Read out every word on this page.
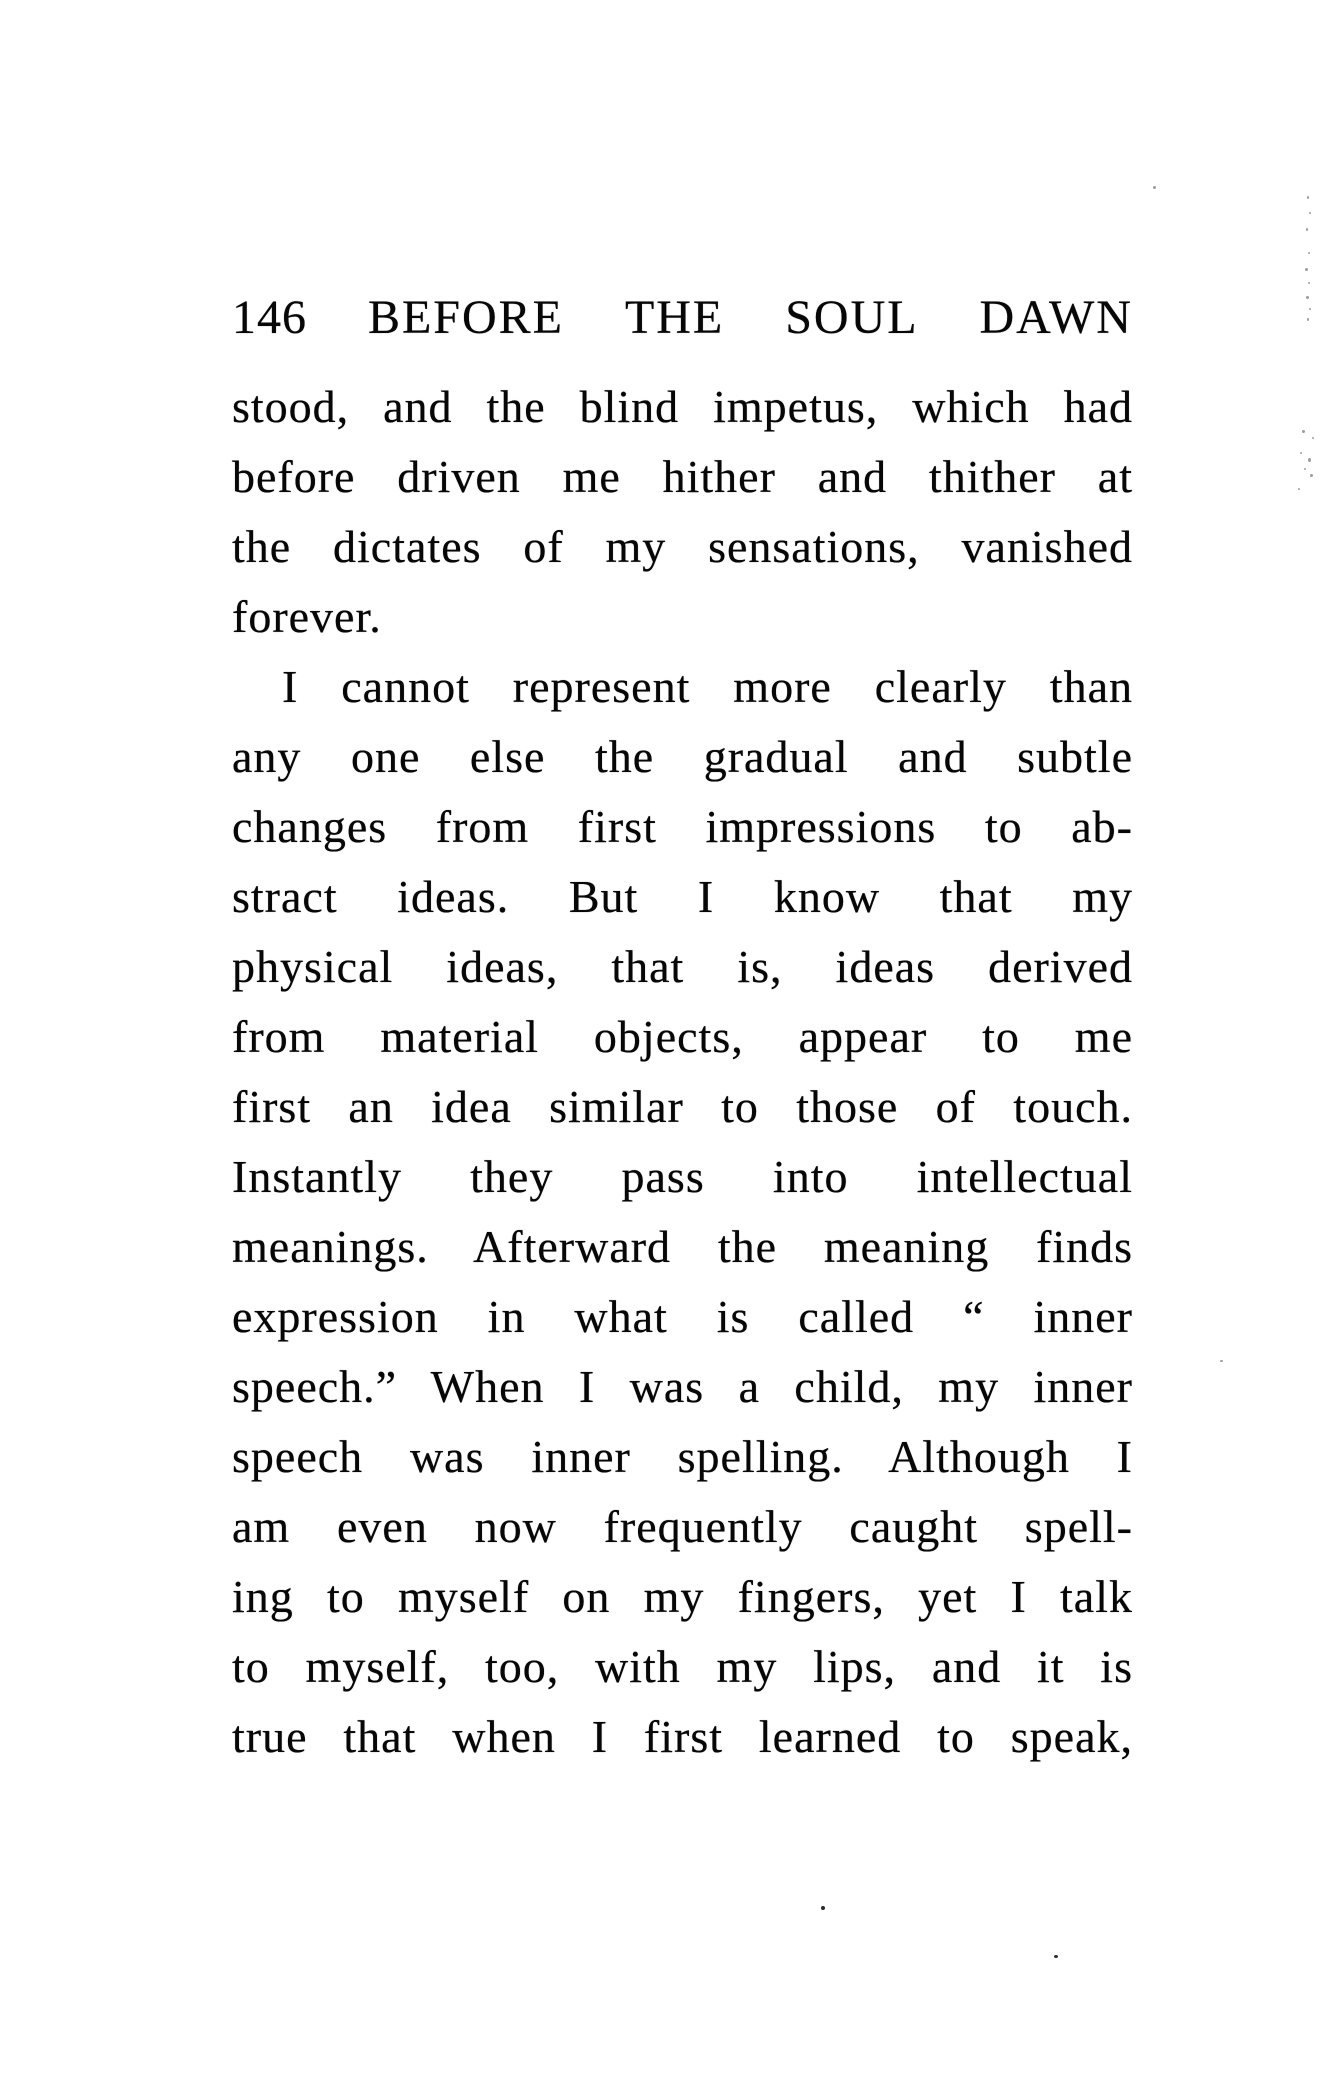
146 BEFORE THE SOUL DAWN
stood, and the blind impetus, which had
before driven me hither and thither at
the dictates of my sensations, vanished
forever.
I cannot represent more clearly than
any one else the gradual and subtle
changes from first impressions to ab-
stract ideas. But I know that my
physical ideas, that is, ideas derived
from material objects, appear to me
first an idea similar to those of touch.
Instantly they pass into intellectual
meanings. Afterward the meaning finds
expression in what is called “ inner
speech.” When I was a child, my inner
speech was inner spelling. Although I
am even now frequently caught spell-
ing to myself on my fingers, yet I talk
to myself, too, with my lips, and it is
true that when I first learned to speak,
